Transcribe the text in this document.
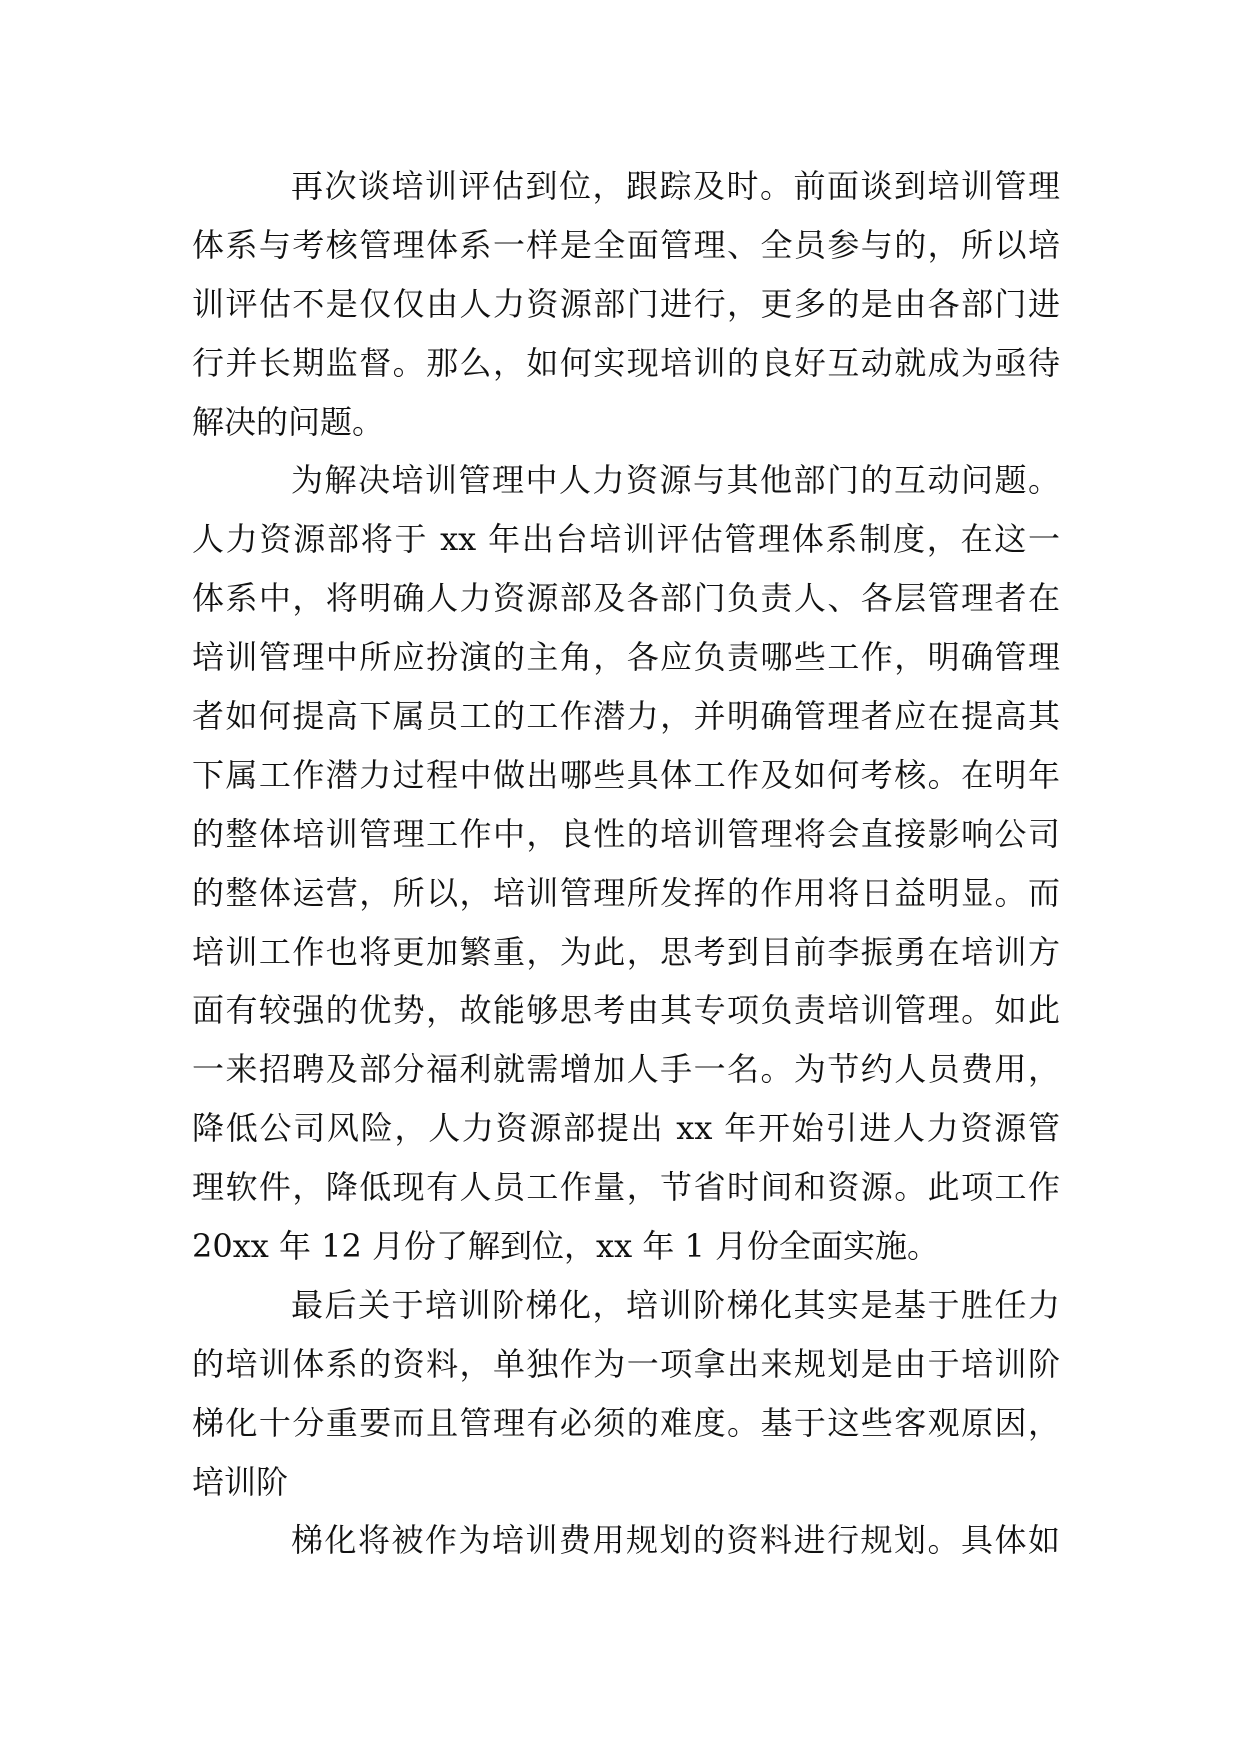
再次谈培训评估到位，跟踪及时。前面谈到培训管理
体系与考核管理体系一样是全面管理、全员参与的，所以培
训评估不是仅仅由人力资源部门进行，更多的是由各部门进
行并长期监督。那么，如何实现培训的良好互动就成为亟待
解决的问题。
为解决培训管理中人力资源与其他部门的互动问题。
人力资源部将于 xx 年出台培训评估管理体系制度，在这一
体系中，将明确人力资源部及各部门负责人、各层管理者在
培训管理中所应扮演的主角，各应负责哪些工作，明确管理
者如何提高下属员工的工作潜力，并明确管理者应在提高其
下属工作潜力过程中做出哪些具体工作及如何考核。在明年
的整体培训管理工作中，良性的培训管理将会直接影响公司
的整体运营，所以，培训管理所发挥的作用将日益明显。而
培训工作也将更加繁重，为此，思考到目前李振勇在培训方
面有较强的优势，故能够思考由其专项负责培训管理。如此
一来招聘及部分福利就需增加人手一名。为节约人员费用，
降低公司风险，人力资源部提出 xx 年开始引进人力资源管
理软件，降低现有人员工作量，节省时间和资源。此项工作
20xx 年 12 月份了解到位，xx 年 1 月份全面实施。
最后关于培训阶梯化，培训阶梯化其实是基于胜任力
的培训体系的资料，单独作为一项拿出来规划是由于培训阶
梯化十分重要而且管理有必须的难度。基于这些客观原因，
培训阶
梯化将被作为培训费用规划的资料进行规划。具体如
